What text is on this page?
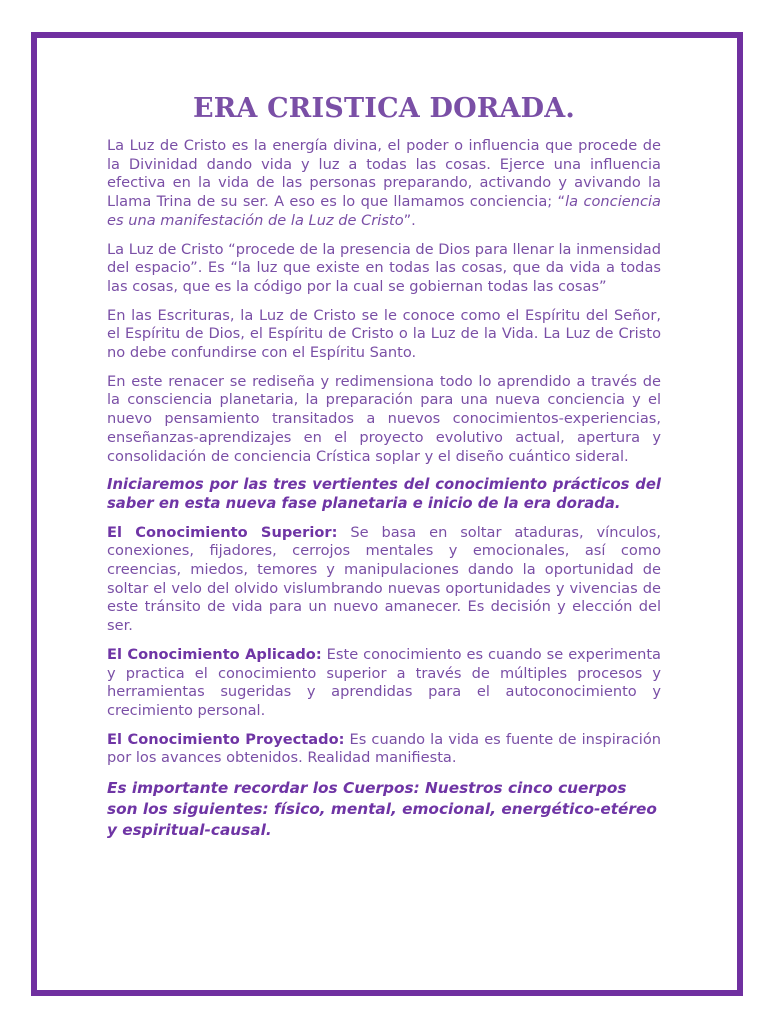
ERA CRISTICA DORADA.

La Luz de Cristo es la energía divina, el poder o influencia que procede de la Divinidad dando vida y luz a todas las cosas. Ejerce una influencia efectiva en la vida de las personas preparando, activando y avivando la Llama Trina de su ser. A eso es lo que llamamos conciencia; “la conciencia es una manifestación de la Luz de Cristo”.

La Luz de Cristo “procede de la presencia de Dios para llenar la inmensidad del espacio”. Es “la luz que existe en todas las cosas, que da vida a todas las cosas, que es la código por la cual se gobiernan todas las cosas”

En las Escrituras, la Luz de Cristo se le conoce como el Espíritu del Señor, el Espíritu de Dios, el Espíritu de Cristo o la Luz de la Vida. La Luz de Cristo no debe confundirse con el Espíritu Santo.

En este renacer se rediseña y redimensiona todo lo aprendido a través de la consciencia planetaria, la preparación para una nueva conciencia y el nuevo pensamiento transitados a nuevos conocimientos-experiencias, enseñanzas-aprendizajes en el proyecto evolutivo actual, apertura y consolidación de conciencia Crística soplar y el diseño cuántico sideral.

Iniciaremos por las tres vertientes del conocimiento prácticos del saber en esta nueva fase planetaria e inicio de la era dorada.

El Conocimiento Superior: Se basa en soltar ataduras, vínculos, conexiones, fijadores, cerrojos mentales y emocionales, así como creencias, miedos, temores y manipulaciones dando la oportunidad de soltar el velo del olvido vislumbrando nuevas oportunidades y vivencias de este tránsito de vida para un nuevo amanecer. Es decisión y elección del ser.

El Conocimiento Aplicado: Este conocimiento es cuando se experimenta y practica el conocimiento superior a través de múltiples procesos y herramientas sugeridas y aprendidas para el autoconocimiento y crecimiento personal.

El Conocimiento Proyectado: Es cuando la vida es fuente de inspiración por los avances obtenidos. Realidad manifiesta.

Es importante recordar los Cuerpos: Nuestros cinco cuerpos son los siguientes: físico, mental, emocional, energético-etéreo y espiritual-causal.
